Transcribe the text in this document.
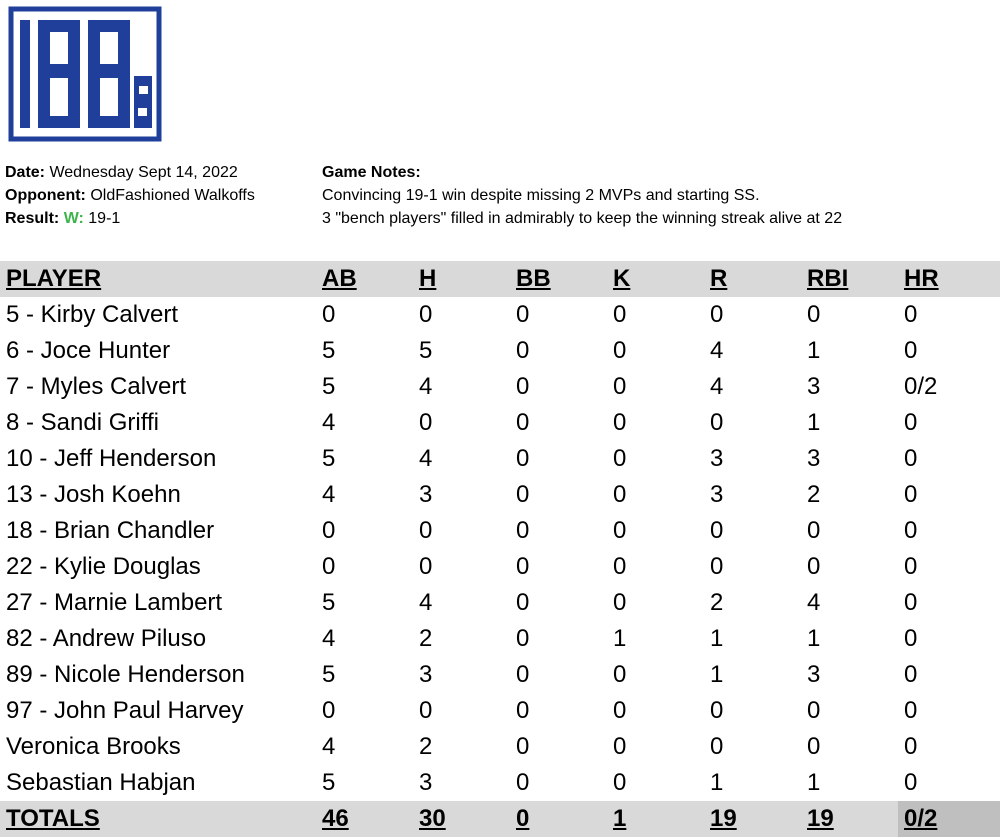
Date: Wednesday Sept 14, 2022
Opponent: OldFashioned Walkoffs
Result: W: 19-1
Game Notes:
Convincing 19-1 win despite missing 2 MVPs and starting SS.
3 "bench players" filled in admirably to keep the winning streak alive at 22
PLAYER	AB	H	BB	K	R	RBI	HR
5 - Kirby Calvert	0	0	0	0	0	0	0
6 - Joce Hunter	5	5	0	0	4	1	0
7 - Myles Calvert	5	4	0	0	4	3	0/2
8 - Sandi Griffi	4	0	0	0	0	1	0
10 - Jeff Henderson	5	4	0	0	3	3	0
13 - Josh Koehn	4	3	0	0	3	2	0
18 - Brian Chandler	0	0	0	0	0	0	0
22 - Kylie Douglas	0	0	0	0	0	0	0
27 - Marnie Lambert	5	4	0	0	2	4	0
82 - Andrew Piluso	4	2	0	1	1	1	0
89 - Nicole Henderson	5	3	0	0	1	3	0
97 - John Paul Harvey	0	0	0	0	0	0	0
Veronica Brooks	4	2	0	0	0	0	0
Sebastian Habjan	5	3	0	0	1	1	0
TOTALS	46	30	0	1	19	19	0/2
